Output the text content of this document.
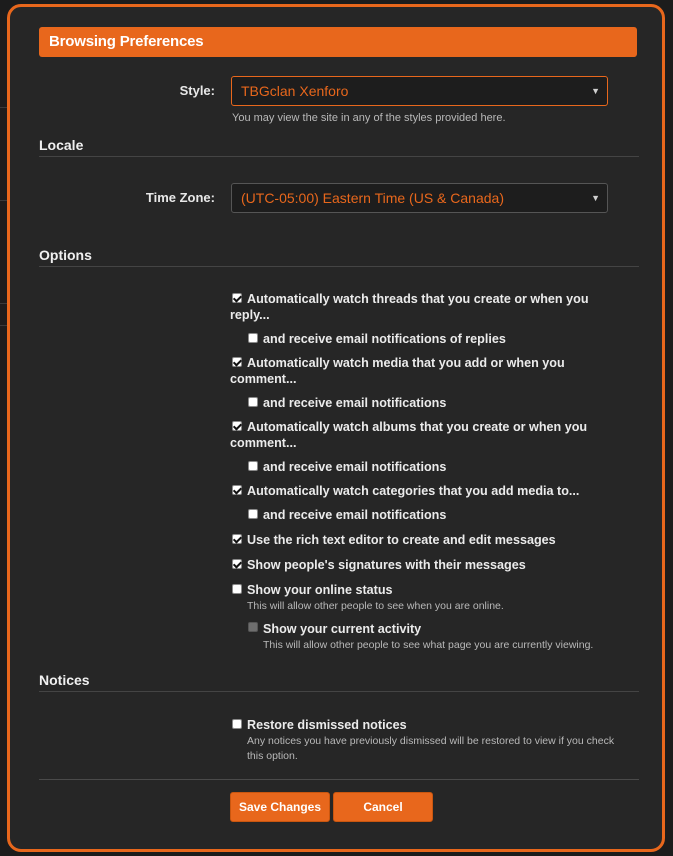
Browsing Preferences
Style:	TBGclan Xenforo	▼
You may view the site in any of the styles provided here.
Locale
Time Zone:	(UTC-05:00) Eastern Time (US & Canada)	▼
Options
Automatically watch threads that you create or when you reply...
and receive email notifications of replies
Automatically watch media that you add or when you comment...
and receive email notifications
Automatically watch albums that you create or when you comment...
and receive email notifications
Automatically watch categories that you add media to...
and receive email notifications
Use the rich text editor to create and edit messages
Show people's signatures with their messages
Show your online status
This will allow other people to see when you are online.
Show your current activity
This will allow other people to see what page you are currently viewing.
Notices
Restore dismissed notices
Any notices you have previously dismissed will be restored to view if you check this option.
Save Changes	Cancel
